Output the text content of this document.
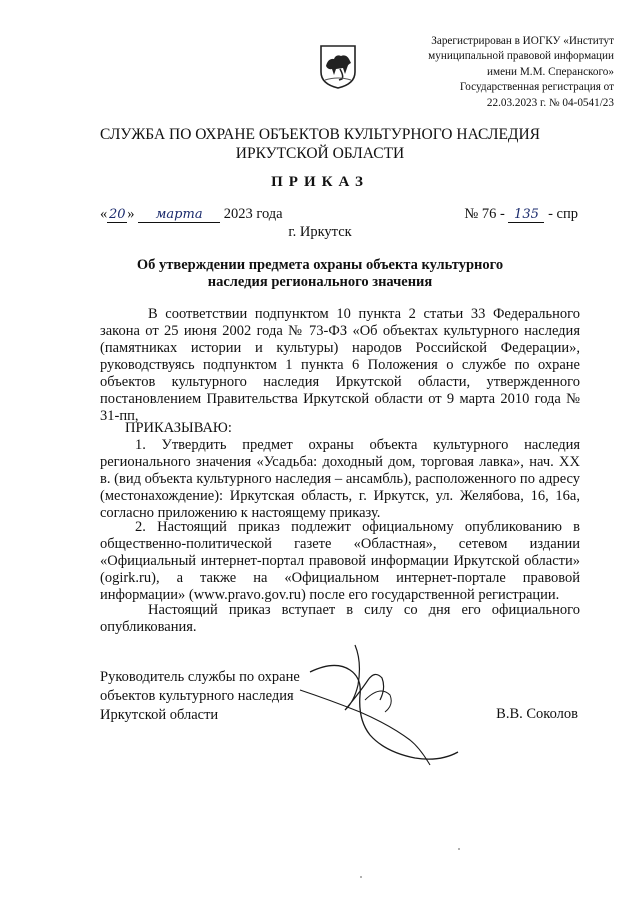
Зарегистрирован в ИОГКУ «Институт
муниципальной правовой информации
имени М.М. Сперанского»
Государственная регистрация от
22.03.2023 г. № 04-0541/23
СЛУЖБА ПО ОХРАНЕ ОБЪЕКТОВ КУЛЬТУРНОГО НАСЛЕДИЯ
ИРКУТСКОЙ ОБЛАСТИ
ПРИКАЗ
« 20 » марта 2023 года	№ 76 - 135 - спр
г. Иркутск
Об утверждении предмета охраны объекта культурного наследия регионального значения
В соответствии подпунктом 10 пункта 2 статьи 33 Федерального закона от 25 июня 2002 года № 73-ФЗ «Об объектах культурного наследия (памятниках истории и культуры) народов Российской Федерации», руководствуясь подпунктом 1 пункта 6 Положения о службе по охране объектов культурного наследия Иркутской области, утвержденного постановлением Правительства Иркутской области от 9 марта 2010 года № 31-пп,
ПРИКАЗЫВАЮ:
1. Утвердить предмет охраны объекта культурного наследия регионального значения «Усадьба: доходный дом, торговая лавка», нач. XX в. (вид объекта культурного наследия – ансамбль), расположенного по адресу (местонахождение): Иркутская область, г. Иркутск, ул. Желябова, 16, 16а, согласно приложению к настоящему приказу.
2. Настоящий приказ подлежит официальному опубликованию в общественно-политической газете «Областная», сетевом издании «Официальный интернет-портал правовой информации Иркутской области» (ogirk.ru), а также на «Официальном интернет-портале правовой информации» (www.pravo.gov.ru) после его государственной регистрации.
Настоящий приказ вступает в силу со дня его официального опубликования.
Руководитель службы по охране
объектов культурного наследия
Иркутской области	В.В. Соколов
